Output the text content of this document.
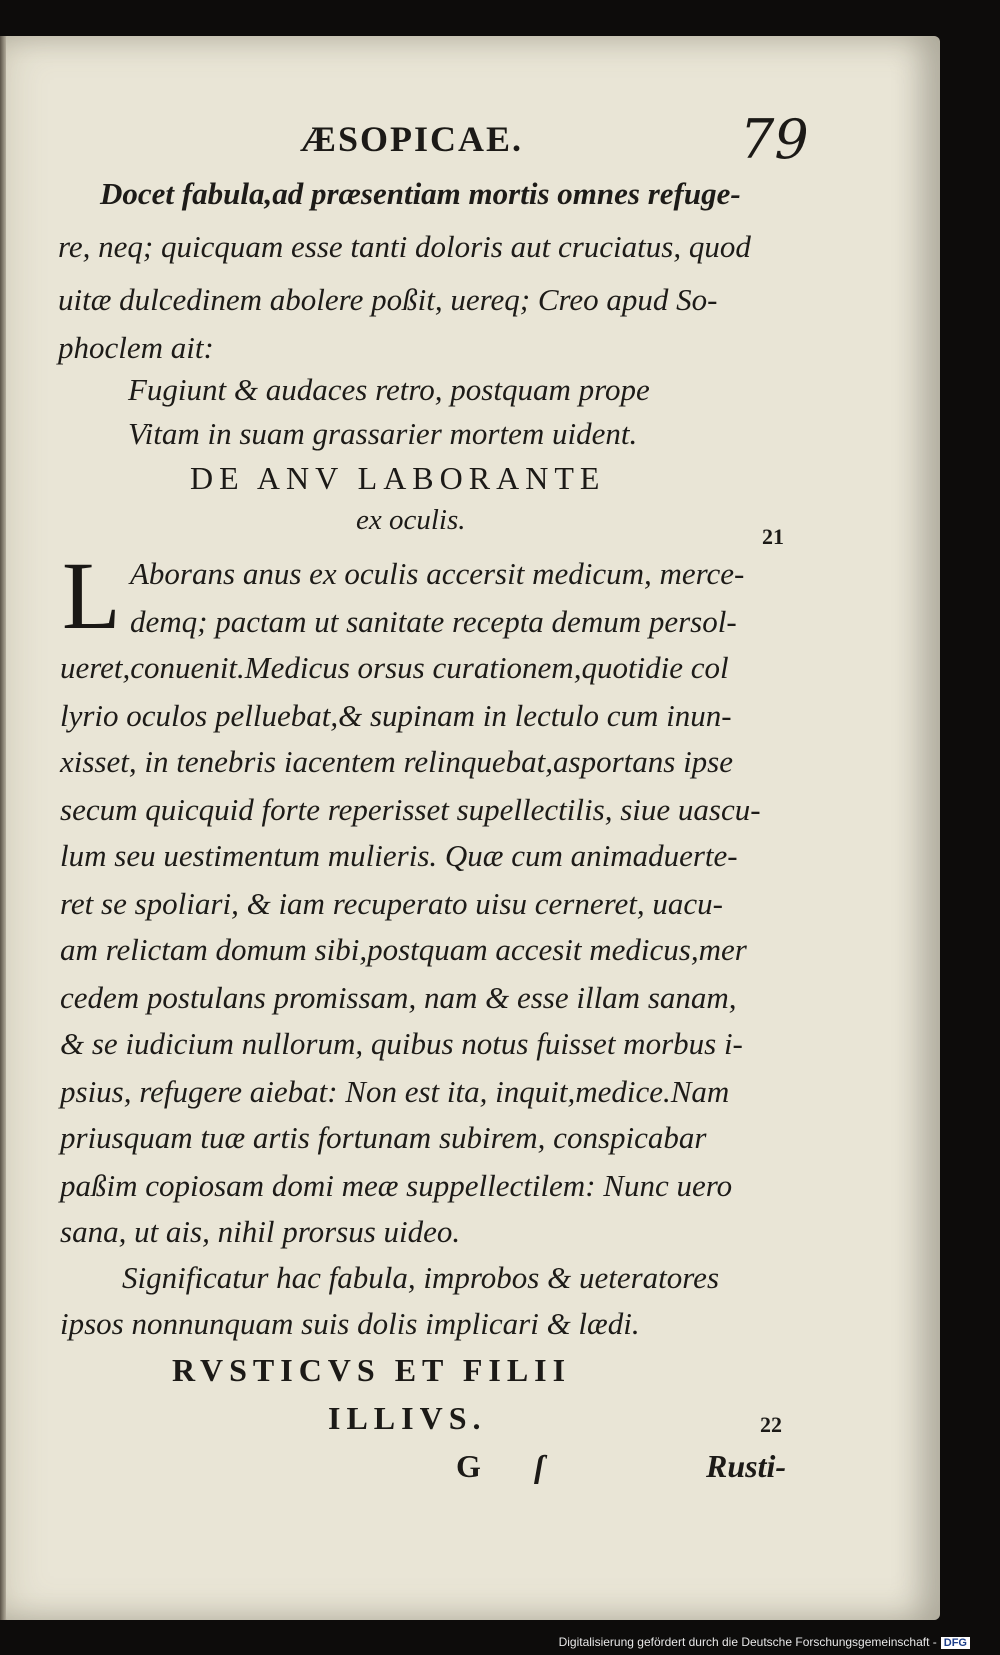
ÆSOPICAE.	79
Docet fabula,ad præsentiam mortis omnes refuge-
re, neq; quicquam esse tanti doloris aut cruciatus, quod
uitæ dulcedinem abolere poßit, uereq; Creo apud So-
phoclem ait:
Fugiunt & audaces retro, postquam prope
Vitam in suam grassarier mortem uident.
DE ANV LABORANTE
ex oculis.
21
L Aborans anus ex oculis accersit medicum, merce-
demq; pactam ut sanitate recepta demum persol-
ueret,conuenit.Medicus orsus curationem,quotidie col
lyrio oculos pelluebat,& supinam in lectulo cum inun-
xisset, in tenebris iacentem relinquebat,asportans ipse
secum quicquid forte reperisset supellectilis, siue uascu-
lum seu uestimentum mulieris. Quæ cum animaduerte-
ret se spoliari, & iam recuperato uisu cerneret, uacu-
am relictam domum sibi,postquam accesit medicus,mer
cedem postulans promissam, nam & esse illam sanam,
& se iudicium nullorum, quibus notus fuisset morbus i-
psius, refugere aiebat: Non est ita, inquit,medice.Nam
priusquam tuæ artis fortunam subirem, conspicabar
paßim copiosam domi meæ suppellectilem: Nunc uero
sana, ut ais, nihil prorsus uideo.
Significatur hac fabula, improbos & ueteratores
ipsos nonnunquam suis dolis implicari & lædi.
RVSTICVS ET FILII
ILLIVS.	22
G ſ	Rusti-
Digitalisierung gefördert durch die Deutsche Forschungsgemeinschaft - DFG
